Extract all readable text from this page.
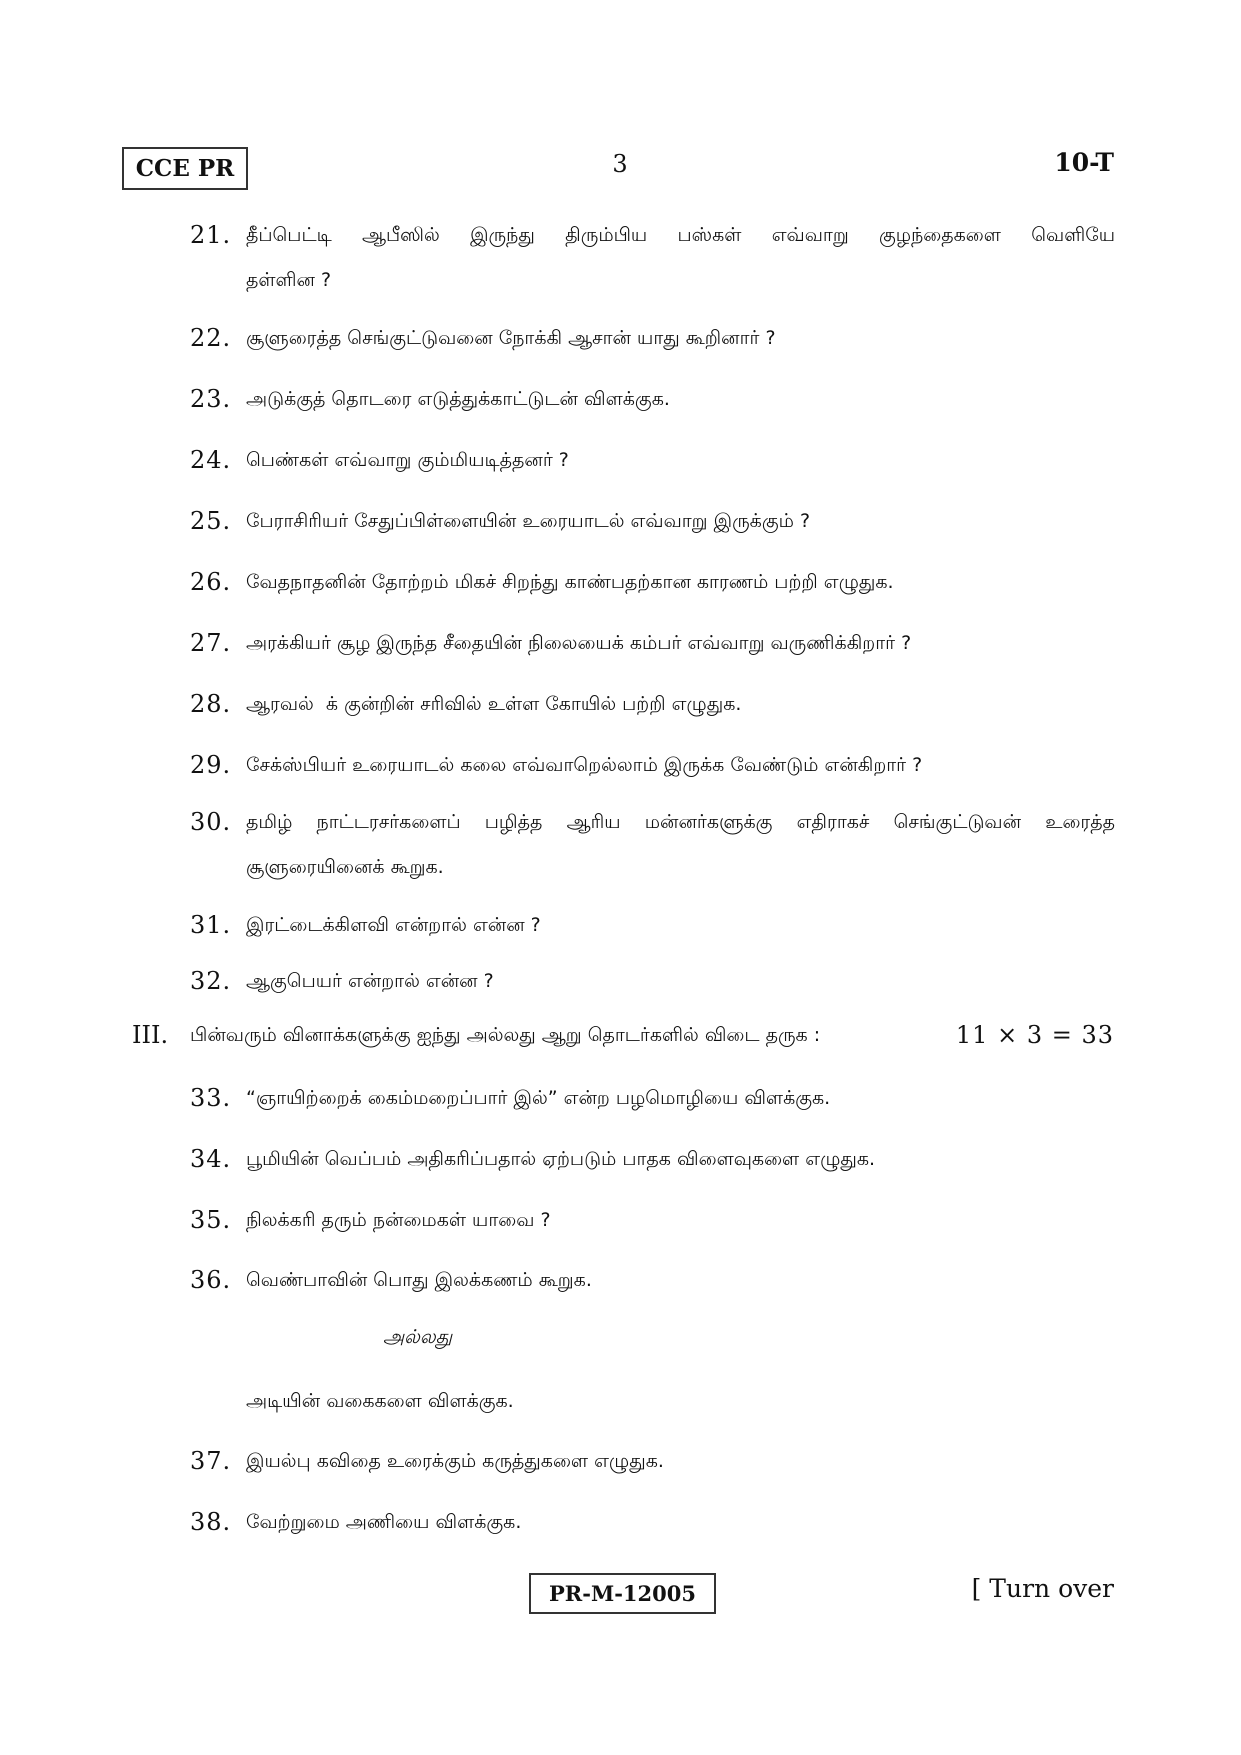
CCE PR	3	10-T
21. தீப்பெட்டி ஆபீஸில் இருந்து திரும்பிய பஸ்கள் எவ்வாறு குழந்தைகளை வெளியே
தள்ளின ?
22. சூளுரைத்த செங்குட்டுவனை நோக்கி ஆசான் யாது கூறினார் ?
23. அடுக்குத் தொடரை எடுத்துக்காட்டுடன் விளக்குக.
24. பெண்கள் எவ்வாறு கும்மியடித்தனர் ?
25. பேராசிரியர் சேதுப்பிள்ளையின் உரையாடல் எவ்வாறு இருக்கும் ?
26. வேதநாதனின் தோற்றம் மிகச் சிறந்து காண்பதற்கான காரணம் பற்றி எழுதுக.
27. அரக்கியர் சூழ இருந்த சீதையின் நிலையைக் கம்பர் எவ்வாறு வருணிக்கிறார் ?
28. ஆரவல்  க் குன்றின் சரிவில் உள்ள கோயில் பற்றி எழுதுக.
29. சேக்ஸ்பியர் உரையாடல் கலை எவ்வாறெல்லாம் இருக்க வேண்டும் என்கிறார் ?
30. தமிழ் நாட்டரசர்களைப் பழித்த ஆரிய மன்னர்களுக்கு எதிராகச் செங்குட்டுவன் உரைத்த
சூளுரையினைக் கூறுக.
31. இரட்டைக்கிளவி என்றால் என்ன ?
32. ஆகுபெயர் என்றால் என்ன ?
III. பின்வரும் வினாக்களுக்கு ஐந்து அல்லது ஆறு தொடர்களில் விடை தருக :	11 × 3 = 33
33. “ஞாயிற்றைக் கைம்மறைப்பார் இல்” என்ற பழமொழியை விளக்குக.
34. பூமியின் வெப்பம் அதிகரிப்பதால் ஏற்படும் பாதக விளைவுகளை எழுதுக.
35. நிலக்கரி தரும் நன்மைகள் யாவை ?
36. வெண்பாவின் பொது இலக்கணம் கூறுக.
அல்லது
அடியின் வகைகளை விளக்குக.
37. இயல்பு கவிதை உரைக்கும் கருத்துகளை எழுதுக.
38. வேற்றுமை அணியை விளக்குக.
PR-M-12005	[ Turn over
